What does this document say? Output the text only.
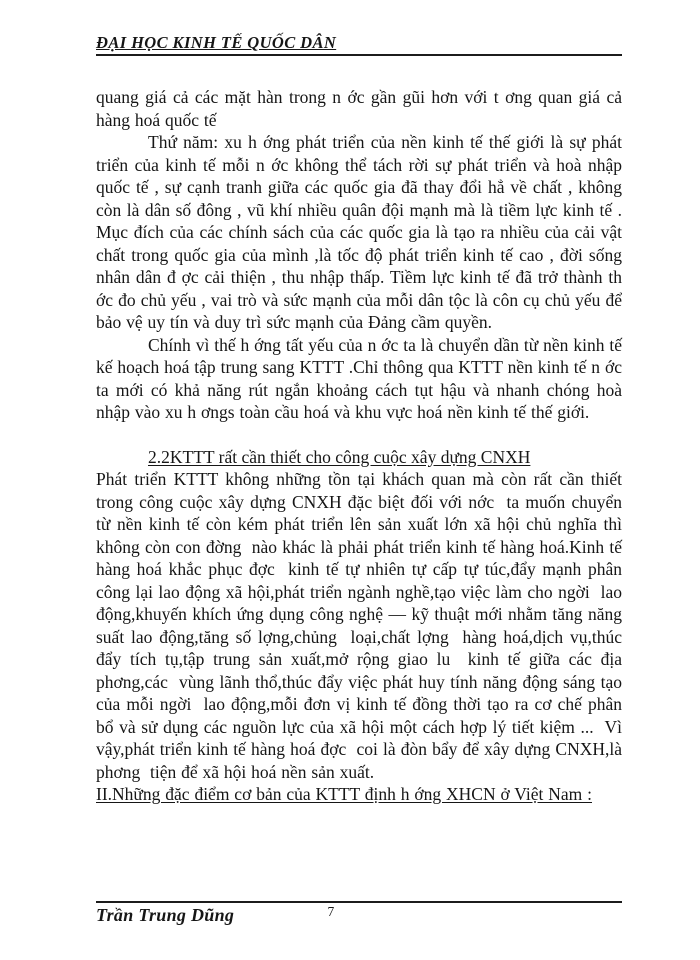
ĐẠI HỌC KINH TẾ QUỐC DÂN

quang giá cả các mặt hàn trong n ớc gần gũi hơn với t ơng quan giá cả hàng hoá quốc tế

Thứ năm: xu h ớng phát triển của nền kinh tế thế giới là sự phát triển của kinh tế mỗi n ớc không thể tách rời sự phát triển và hoà nhập quốc tế , sự cạnh tranh giữa các quốc gia đã thay đổi hẳ về chất , không còn là dân số đông , vũ khí nhiều quân đội mạnh mà là tiềm lực kinh tế . Mục đích của các chính sách của các quốc gia là tạo ra nhiều của cải vật chất trong quốc gia của mình ,là tốc độ phát triển kinh tế cao , đời sống nhân dân đ ợc cải thiện , thu nhập thấp. Tiềm lực kinh tế đã trở thành th ớc đo chủ yếu , vai trò và sức mạnh của mỗi dân tộc là côn cụ chủ yếu để bảo vệ uy tín và duy trì sức mạnh của Đảng cầm quyền.

Chính vì thế h ớng tất yếu của n ớc ta là chuyển dần từ nền kinh tế kế hoạch hoá tập trung sang KTTT .Chỉ thông qua KTTT nền kinh tế n ớc ta mới có khả năng rút ngắn khoảng cách tụt hậu và nhanh chóng hoà nhập vào xu h ơngs toàn cầu hoá và khu vực hoá nền kinh tế thế giới.

2.2KTTT rất cần thiết cho công cuộc xây dựng CNXH

Phát triển KTTT không những tồn tại khách quan mà còn rất cần thiết trong công cuộc xây dựng CNXH đặc biệt đối với nớc  ta muốn chuyển từ nền kinh tế còn kém phát triển lên sản xuất lớn xã hội chủ nghĩa thì không còn con đờng  nào khác là phải phát triển kinh tế hàng hoá.Kinh tế hàng hoá khắc phục đợc  kinh tế tự nhiên tự cấp tự túc,đẩy mạnh phân công lại lao động xã hội,phát triển ngành nghề,tạo việc làm cho ngời  lao động,khuyến khích ứng dụng công nghệ — kỹ thuật mới nhằm tăng năng suất lao động,tăng số lợng,chủng  loại,chất lợng  hàng hoá,dịch vụ,thúc đẩy tích tụ,tập trung sản xuất,mở rộng giao lu  kinh tế giữa các địa phơng,các  vùng lãnh thổ,thúc đẩy việc phát huy tính năng động sáng tạo của mỗi ngời  lao động,mỗi đơn vị kinh tế đồng thời tạo ra cơ chế phân bổ và sử dụng các nguồn lực của xã hội một cách hợp lý tiết kiệm ...  Vì vậy,phát triển kinh tế hàng hoá đợc  coi là đòn bẩy để xây dựng CNXH,là phơng  tiện để xã hội hoá nền sản xuất.

II.Những đặc điểm cơ bản của KTTT định h ớng XHCN ở Việt Nam :

Trần Trung Dũng	7
